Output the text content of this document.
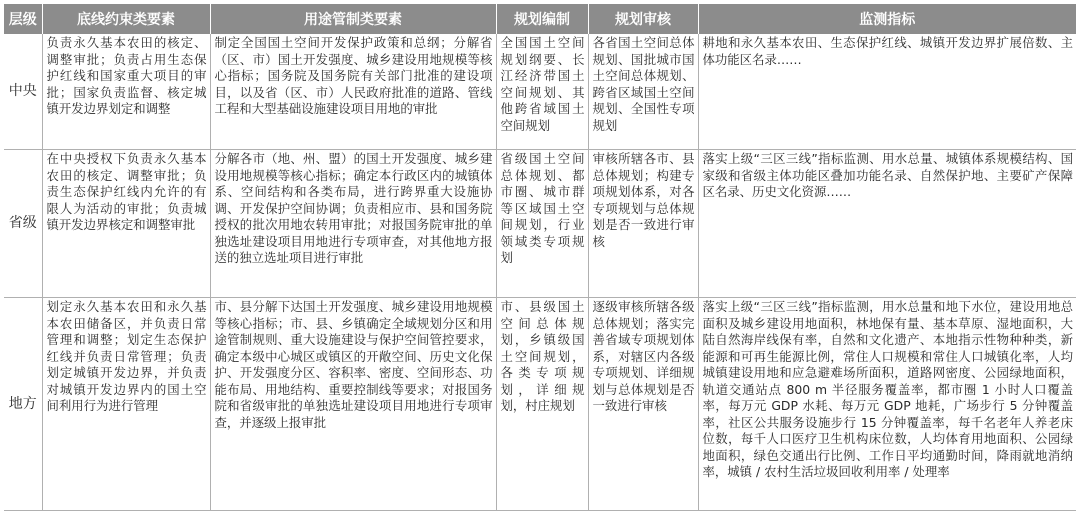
层级	底线约束类要素	用途管制类要素	规划编制	规划审核	监测指标
中央	负责永久基本农田的核定、调整审批；负责占用生态保护红线和国家重大项目的审批；国家负责监督、核定城镇开发边界划定和调整	制定全国国土空间开发保护政策和总纲；分解省（区、市）国土开发强度、城乡建设用地规模等核心指标；国务院及国务院有关部门批准的建设项目，以及省（区、市）人民政府批准的道路、管线工程和大型基础设施建设项目用地的审批	全国国土空间规划纲要、长江经济带国土空间规划、其他跨省域国土空间规划	各省国土空间总体规划、国批城市国土空间总体规划、跨省区域国土空间规划、全国性专项规划	耕地和永久基本农田、生态保护红线、城镇开发边界扩展倍数、主体功能区名录……
省级	在中央授权下负责永久基本农田的核定、调整审批；负责生态保护红线内允许的有限人为活动的审批；负责城镇开发边界核定和调整审批	分解各市（地、州、盟）的国土开发强度、城乡建设用地规模等核心指标；确定本行政区内的城镇体系、空间结构和各类布局，进行跨界重大设施协调、开发保护空间协调；负责相应市、县和国务院授权的批次用地农转用审批；对报国务院审批的单独选址建设项目用地进行专项审查，对其他地方报送的独立选址项目进行审批	省级国土空间总体规划、都市圈、城市群等区域国土空间规划，行业领域类专项规划	审核所辖各市、县总体规划；构建专项规划体系，对各专项规划与总体规划是否一致进行审核	落实上级“三区三线”指标监测、用水总量、城镇体系规模结构、国家级和省级主体功能区叠加功能名录、自然保护地、主要矿产保障区名录、历史文化资源……
地方	划定永久基本农田和永久基本农田储备区，并负责日常管理和调整；划定生态保护红线并负责日常管理；负责划定城镇开发边界，并负责对城镇开发边界内的国土空间利用行为进行管理	市、县分解下达国土开发强度、城乡建设用地规模等核心指标；市、县、乡镇确定全域规划分区和用途管制规则、重大设施建设与保护空间管控要求，确定本级中心城区或镇区的开敞空间、历史文化保护、开发强度分区、容积率、密度、空间形态、功能布局、用地结构、重要控制线等要求；对报国务院和省级审批的单独选址建设项目用地进行专项审查，并逐级上报审批	市、县级国土空间总体规划，乡镇级国土空间规划，各类专项规划，详细规划，村庄规划	逐级审核所辖各级总体规划；落实完善省域专项规划体系，对辖区内各级专项规划、详细规划与总体规划是否一致进行审核	落实上级“三区三线”指标监测，用水总量和地下水位，建设用地总面积及城乡建设用地面积，林地保有量、基本草原、湿地面积，大陆自然海岸线保有率，自然和文化遗产、本地指示性物种种类，新能源和可再生能源比例，常住人口规模和常住人口城镇化率，人均城镇建设用地和应急避难场所面积，道路网密度、公园绿地面积，轨道交通站点 800 m 半径服务覆盖率，都市圈 1 小时人口覆盖率，每万元 GDP 水耗、每万元 GDP 地耗，广场步行 5 分钟覆盖率，社区公共服务设施步行 15 分钟覆盖率，每千名老年人养老床位数，每千人口医疗卫生机构床位数，人均体育用地面积、公园绿地面积，绿色交通出行比例、工作日平均通勤时间，降雨就地消纳率，城镇 / 农村生活垃圾回收利用率 / 处理率
